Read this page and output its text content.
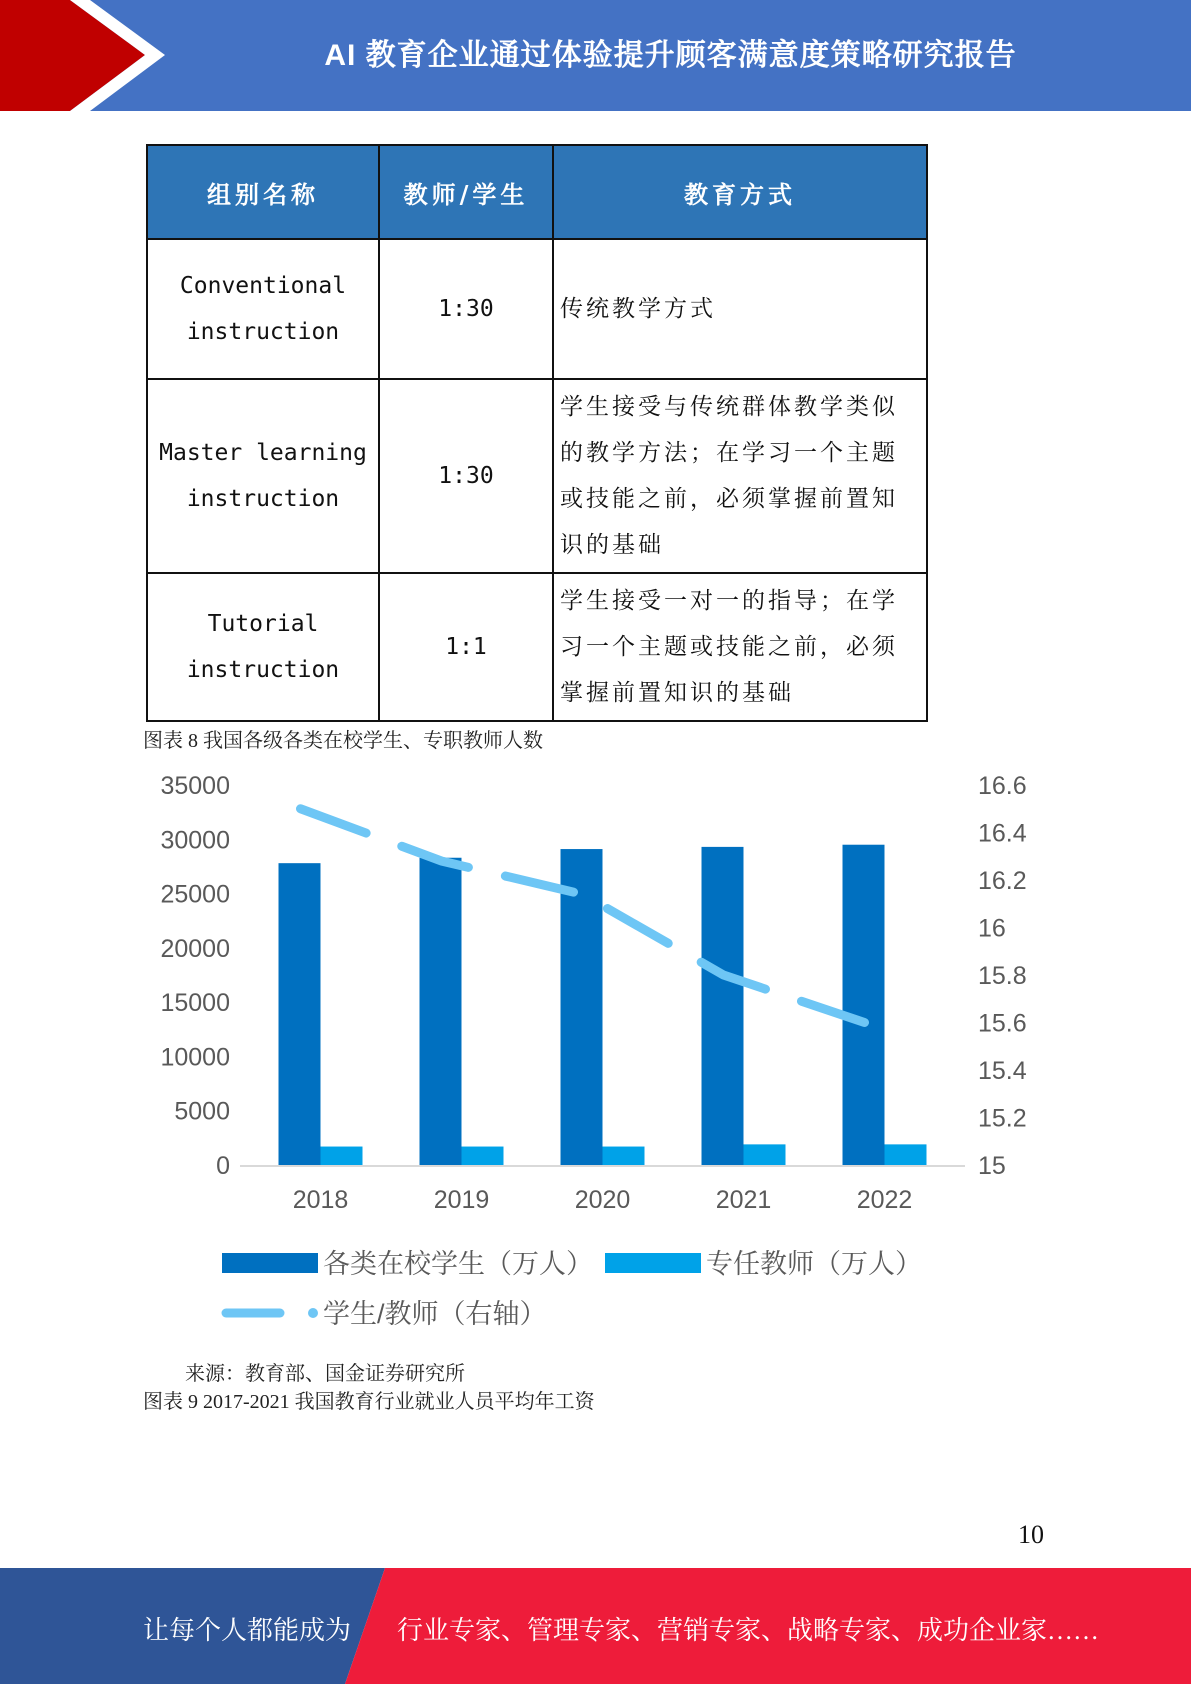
AI 教育企业通过体验提升顾客满意度策略研究报告
组别名称	教师/学生	教育方式

Conventional
instruction	1:30	传统教学方式

Master learning
instruction	1:30	学生接受与传统群体教学类似的教学方法；在学习一个主题或技能之前，必须掌握前置知识的基础

Tutorial
instruction	1:1	学生接受一对一的指导；在学习一个主题或技能之前，必须掌握前置知识的基础
图表 8 我国各级各类在校学生、专职教师人数
0
5000
10000
15000
20000
25000
30000
35000
15
15.2
15.4
15.6
15.8
16
16.2
16.4
16.6
2018	2019	2020	2021	2022
各类在校学生（万人）	专任教师（万人）
学生/教师（右轴）
来源：教育部、国金证券研究所
图表 9 2017-2021 我国教育行业就业人员平均年工资
10
让每个人都能成为 行业专家、管理专家、营销专家、战略专家、成功企业家……
